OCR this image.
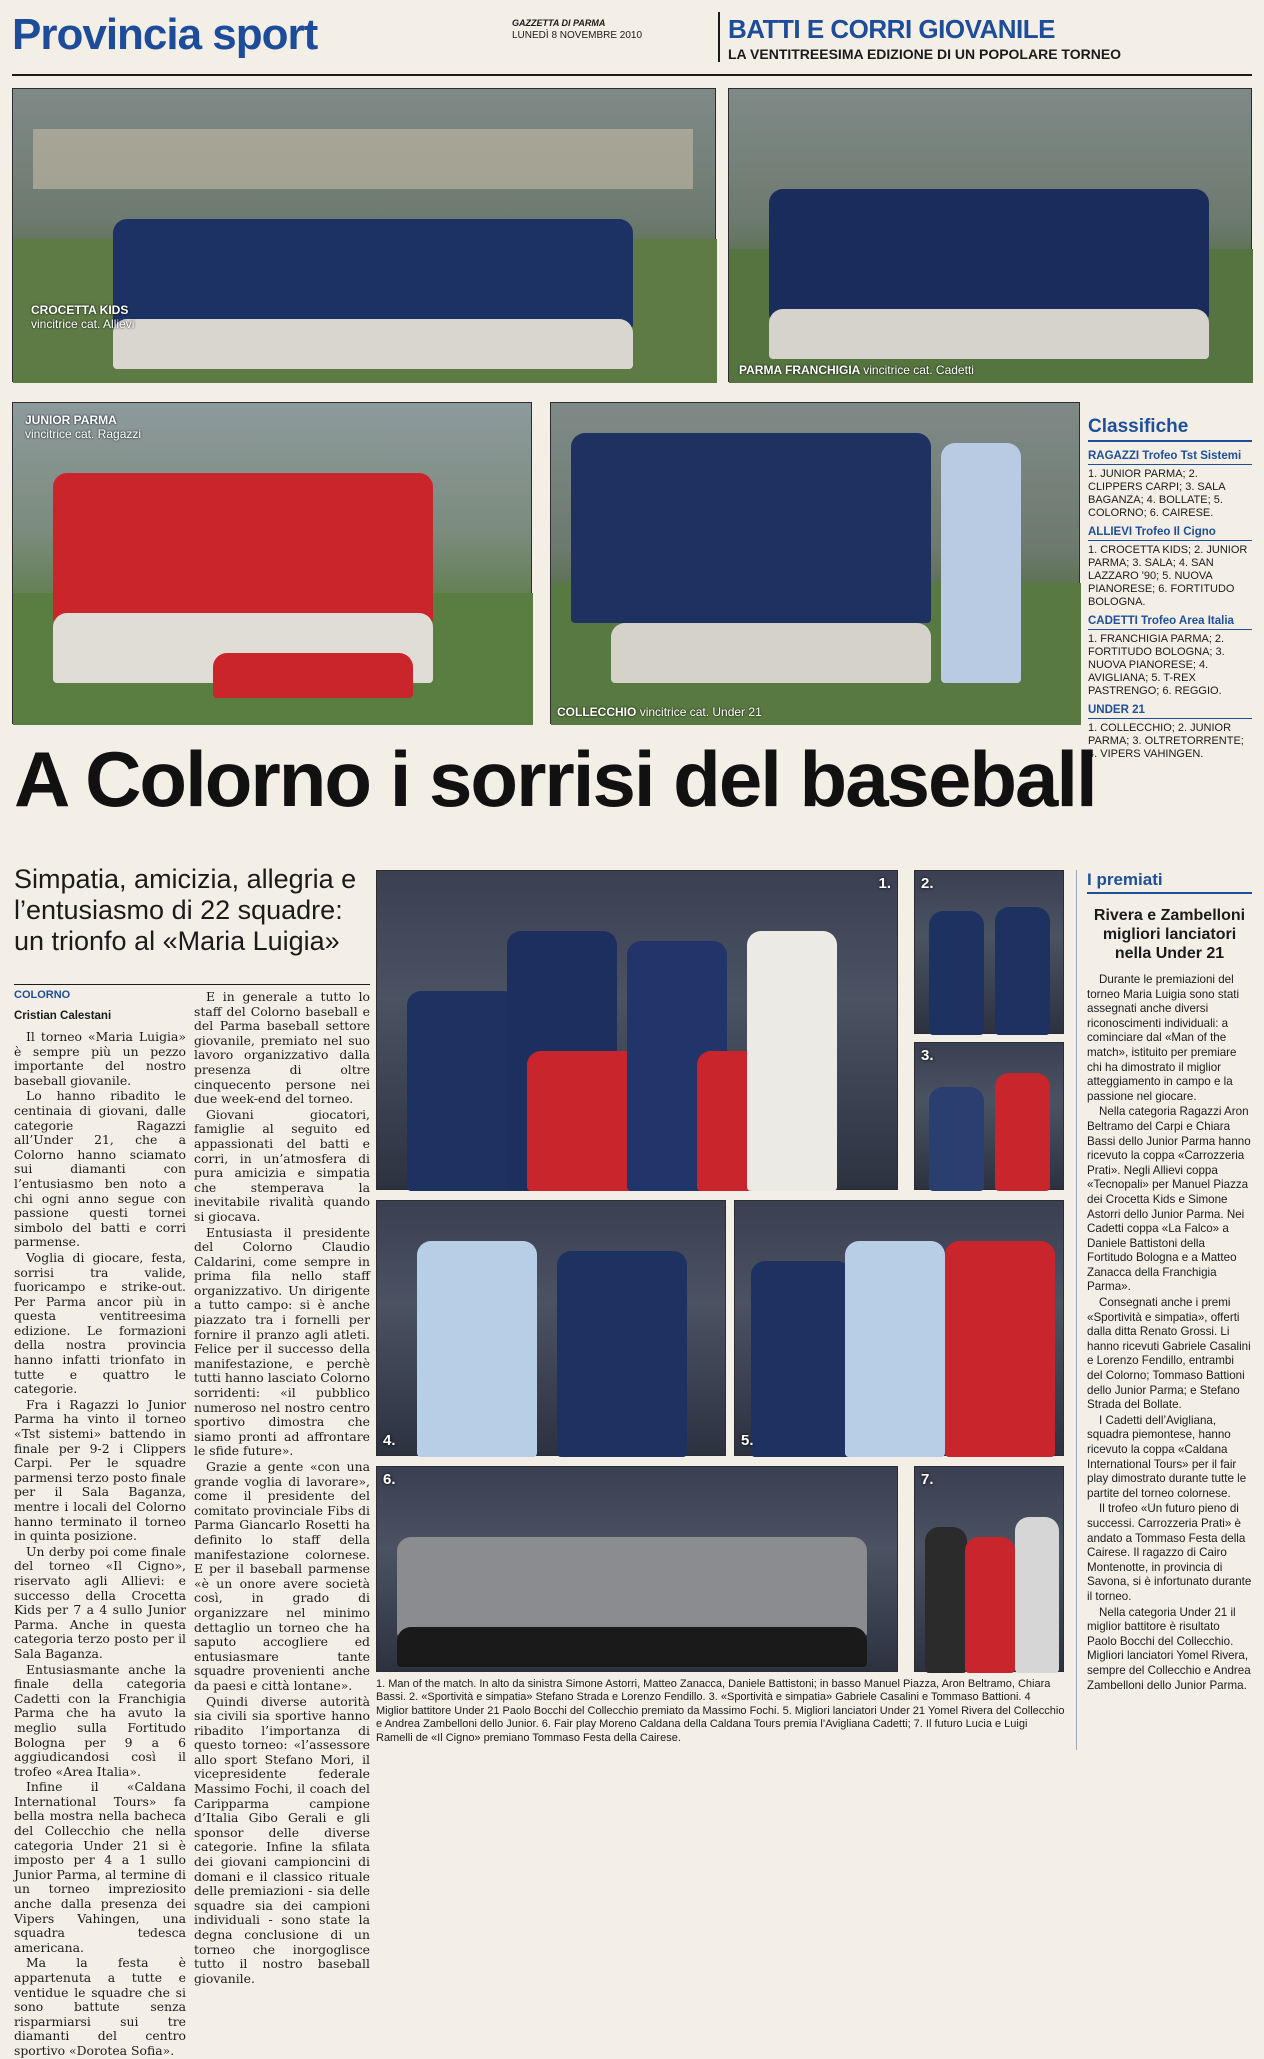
Provincia sport	GAZZETTA DI PARMA
LUNEDÌ 8 NOVEMBRE 2010	BATTI E CORRI GIOVANILE
LA VENTITREESIMA EDIZIONE DI UN POPOLARE TORNEO
CROCETTA KIDS
vincitrice cat. Allievi
PARMA FRANCHIGIA vincitrice cat. Cadetti
JUNIOR PARMA
vincitrice cat. Ragazzi
COLLECCHIO vincitrice cat. Under 21
Classifiche
RAGAZZI Trofeo Tst Sistemi
1. JUNIOR PARMA; 2. CLIPPERS CARPI; 3. SALA BAGANZA; 4. BOLLATE; 5. COLORNO; 6. CAIRESE.
ALLIEVI Trofeo Il Cigno
1. CROCETTA KIDS; 2. JUNIOR PARMA; 3. SALA; 4. SAN LAZZARO '90; 5. NUOVA PIANORESE; 6. FORTITUDO BOLOGNA.
CADETTI Trofeo Area Italia
1. FRANCHIGIA PARMA; 2. FORTITUDO BOLOGNA; 3. NUOVA PIANORESE; 4. AVIGLIANA; 5. T-REX PASTRENGO; 6. REGGIO.
UNDER 21
1. COLLECCHIO; 2. JUNIOR PARMA; 3. OLTRETORRENTE; 4. VIPERS VAHINGEN.
A Colorno i sorrisi del baseball
Simpatia, amicizia, allegria e l’entusiasmo di 22 squadre: un trionfo al «Maria Luigia»
COLORNO
Cristian Calestani

Il torneo «Maria Luigia» è sempre più un pezzo importante del nostro baseball giovanile.

Lo hanno ribadito le centinaia di giovani, dalle categorie Ragazzi all’Under 21, che a Colorno hanno sciamato sui diamanti con l’entusiasmo ben noto a chi ogni anno segue con passione questi tornei simbolo del batti e corri parmense.

Voglia di giocare, festa, sorrisi tra valide, fuoricampo e strike-out. Per Parma ancor più in questa ventitreesima edizione. Le formazioni della nostra provincia hanno infatti trionfato in tutte e quattro le categorie.

Fra i Ragazzi lo Junior Parma ha vinto il torneo «Tst sistemi» battendo in finale per 9-2 i Clippers Carpi. Per le squadre parmensi terzo posto finale per il Sala Baganza, mentre i locali del Colorno hanno terminato il torneo in quinta posizione.

Un derby poi come finale del torneo «Il Cigno», riservato agli Allievi: e successo della Crocetta Kids per 7 a 4 sullo Junior Parma. Anche in questa categoria terzo posto per il Sala Baganza.

Entusiasmante anche la finale della categoria Cadetti con la Franchigia Parma che ha avuto la meglio sulla Fortitudo Bologna per 9 a 6 aggiudicandosi così il trofeo «Area Italia».

Infine il «Caldana International Tours» fa bella mostra nella bacheca del Collecchio che nella categoria Under 21 si è imposto per 4 a 1 sullo Junior Parma, al termine di un torneo impreziosito anche dalla presenza dei Vipers Vahingen, una squadra tedesca americana.

Ma la festa è appartenuta a tutte e ventidue le squadre che si sono battute senza risparmiarsi sui tre diamanti del centro sportivo «Dorotea Sofia».

E in generale a tutto lo staff del Colorno baseball e del Parma baseball settore giovanile, premiato nel suo lavoro organizzativo dalla presenza di oltre cinquecento persone nei due week-end del torneo.

Giovani giocatori, famiglie al seguito ed appassionati del batti e corri, in un’atmosfera di pura amicizia e simpatia che stemperava la inevitabile rivalità quando si giocava.

Entusiasta il presidente del Colorno Claudio Caldarini, come sempre in prima fila nello staff organizzativo. Un dirigente a tutto campo: si è anche piazzato tra i fornelli per fornire il pranzo agli atleti. Felice per il successo della manifestazione, e perchè tutti hanno lasciato Colorno sorridenti: «il pubblico numeroso nel nostro centro sportivo dimostra che siamo pronti ad affrontare le sfide future».

Grazie a gente «con una grande voglia di lavorare», come il presidente del comitato provinciale Fibs di Parma Giancarlo Rosetti ha definito lo staff della manifestazione colornese. E per il baseball parmense «è un onore avere società così, in grado di organizzare nel minimo dettaglio un torneo che ha saputo accogliere ed entusiasmare tante squadre provenienti anche da paesi e città lontane».

Quindi diverse autorità sia civili sia sportive hanno ribadito l’importanza di questo torneo: «l’assessore allo sport Stefano Mori, il vicepresidente federale Massimo Fochi, il coach del Caripparma campione d’Italia Gibo Gerali e gli sponsor delle diverse categorie. Infine la sfilata dei giovani campioncini di domani e il classico rituale delle premiazioni - sia delle squadre sia dei campioni individuali - sono state la degna conclusione di un torneo che inorgoglisce tutto il nostro baseball giovanile.

1. 2.
3.
4.	5.
6.	7.
1. Man of the match. In alto da sinistra Simone Astorri, Matteo Zanacca, Daniele Battistoni; in basso Manuel Piazza, Aron Beltramo, Chiara Bassi. 2. «Sportività e simpatia» Stefano Strada e Lorenzo Fendillo. 3. «Sportività e simpatia» Gabriele Casalini e Tommaso Battioni. 4 Miglior battitore Under 21 Paolo Bocchi del Collecchio premiato da Massimo Fochi. 5. Migliori lanciatori Under 21 Yomel Rivera del Collecchio e Andrea Zambelloni dello Junior. 6. Fair play Moreno Caldana della Caldana Tours premia l’Avigliana Cadetti; 7. Il futuro Lucia e Luigi Ramelli de «Il Cigno» premiano Tommaso Festa della Cairese.
I premiati
Rivera e Zambelloni migliori lanciatori nella Under 21

Durante le premiazioni del torneo Maria Luigia sono stati assegnati anche diversi riconoscimenti individuali: a cominciare dal «Man of the match», istituito per premiare chi ha dimostrato il miglior atteggiamento in campo e la passione nel giocare.

Nella categoria Ragazzi Aron Beltramo del Carpi e Chiara Bassi dello Junior Parma hanno ricevuto la coppa «Carrozzeria Prati». Negli Allievi coppa «Tecnopali» per Manuel Piazza dei Crocetta Kids e Simone Astorri dello Junior Parma. Nei Cadetti coppa «La Falco» a Daniele Battistoni della Fortitudo Bologna e a Matteo Zanacca della Franchigia Parma».

Consegnati anche i premi «Sportività e simpatia», offerti dalla ditta Renato Grossi. Li hanno ricevuti Gabriele Casalini e Lorenzo Fendillo, entrambi del Colorno; Tommaso Battioni dello Junior Parma; e Stefano Strada del Bollate.

I Cadetti dell’Avigliana, squadra piemontese, hanno ricevuto la coppa «Caldana International Tours» per il fair play dimostrato durante tutte le partite del torneo colornese.

Il trofeo «Un futuro pieno di successi. Carrozzeria Prati» è andato a Tommaso Festa della Cairese. Il ragazzo di Cairo Montenotte, in provincia di Savona, si è infortunato durante il torneo.

Nella categoria Under 21 il miglior battitore è risultato Paolo Bocchi del Collecchio. Migliori lanciatori Yomel Rivera, sempre del Collecchio e Andrea Zambelloni dello Junior Parma.
